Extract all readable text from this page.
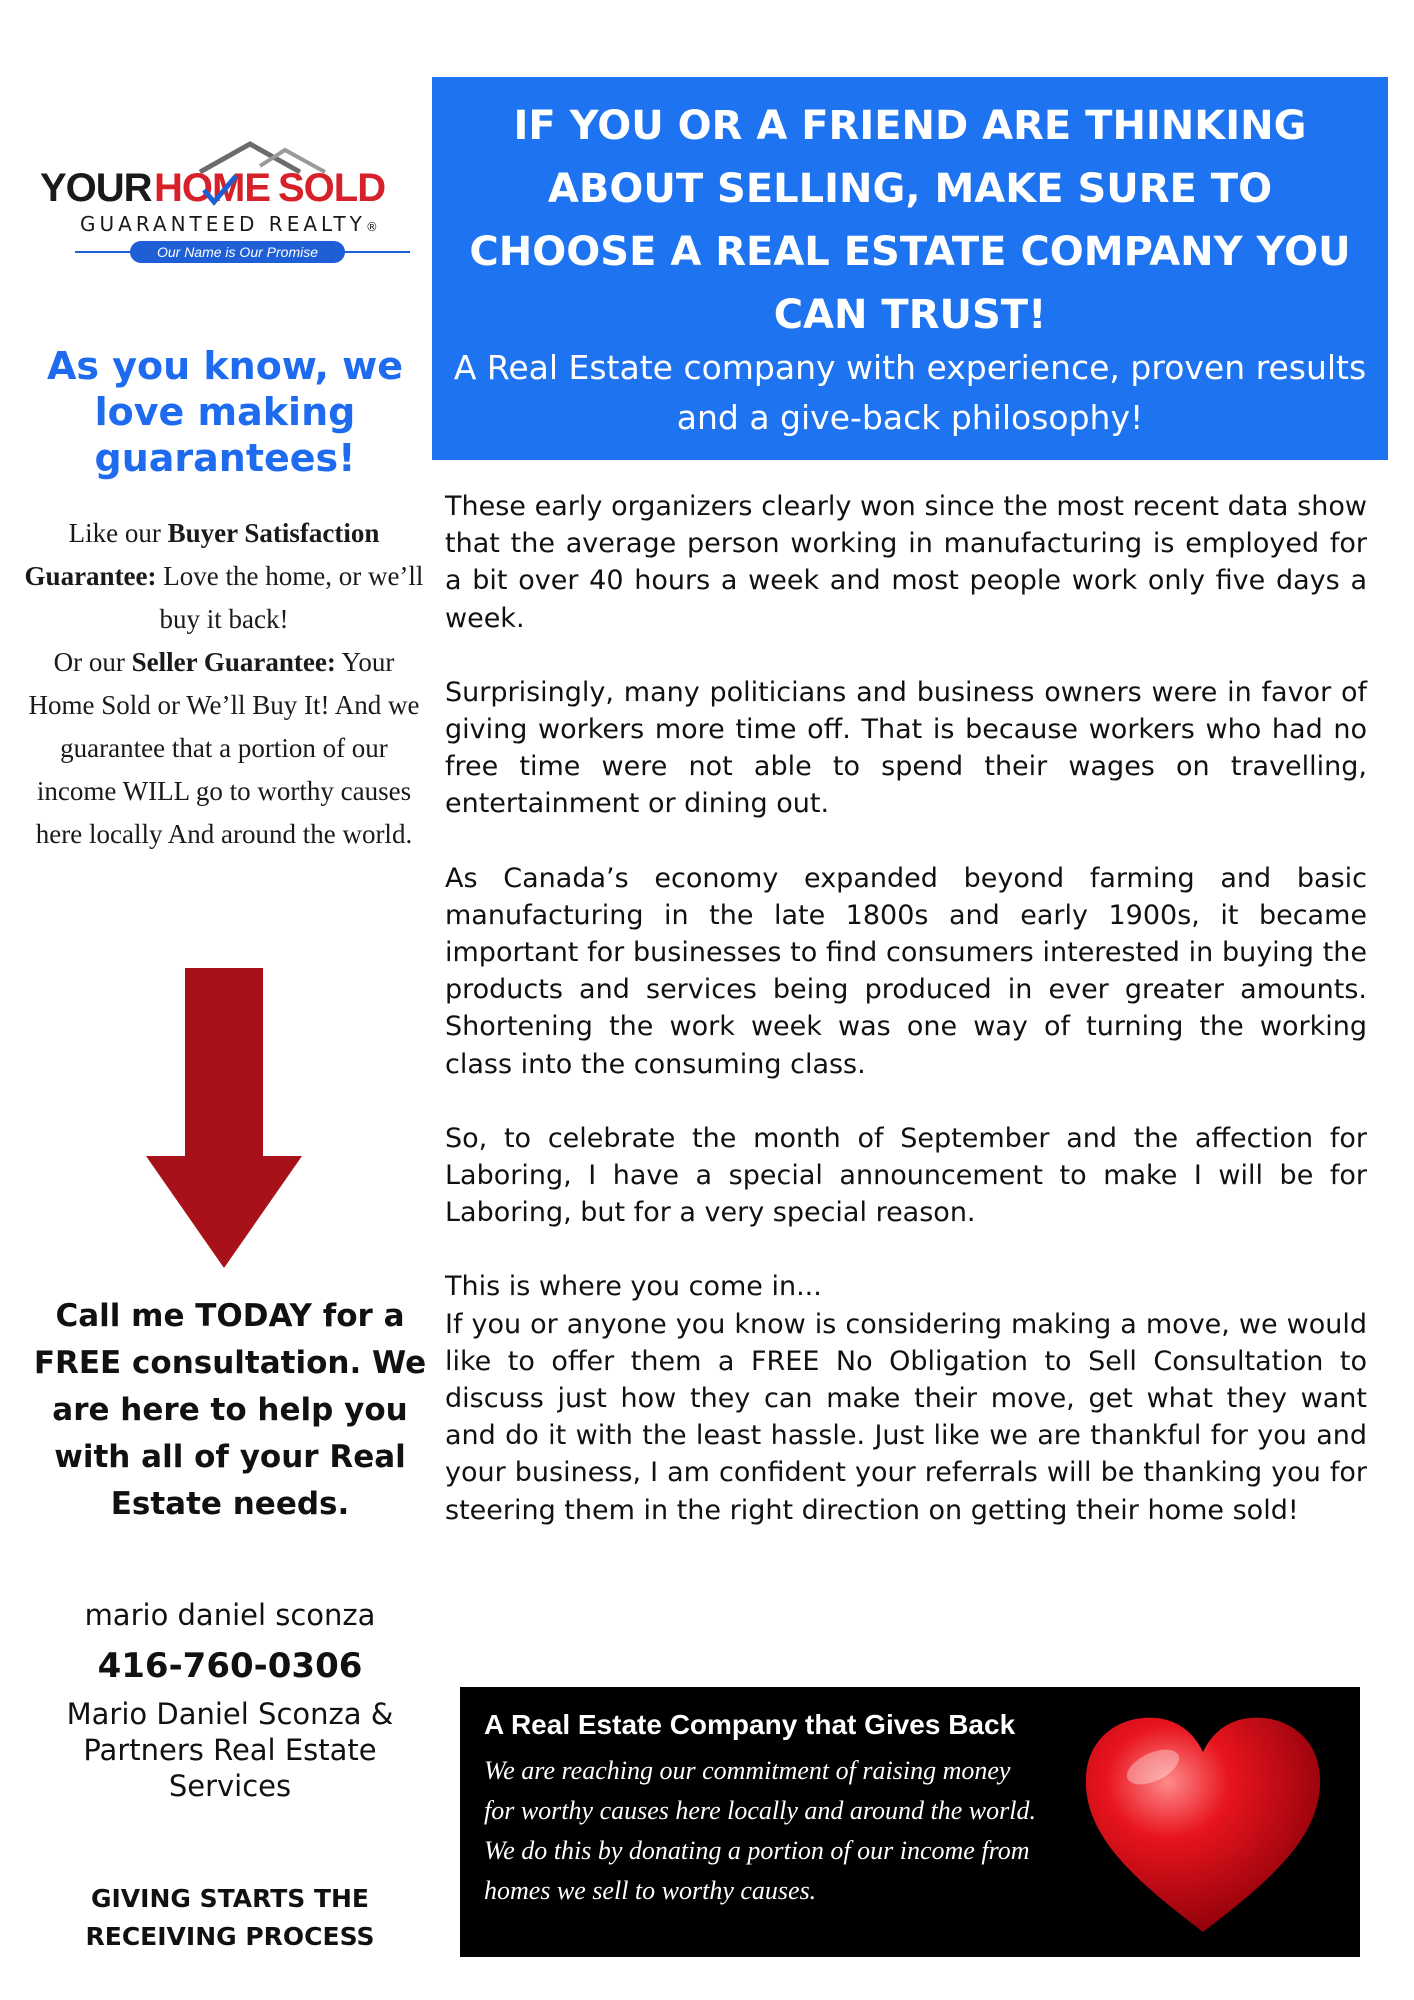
YOUR HOME SOLD
GUARANTEED REALTY®
Our Name is Our Promise
As you know, we love making guarantees!
Like our Buyer Satisfaction Guarantee: Love the home, or we’ll buy it back!
Or our Seller Guarantee: Your Home Sold or We’ll Buy It! And we guarantee that a portion of our income WILL go to worthy causes here locally And around the world.
Call me TODAY for a FREE consultation. We are here to help you with all of your Real Estate needs.
mario daniel sconza
416-760-0306
Mario Daniel Sconza & Partners Real Estate Services
GIVING STARTS THE RECEIVING PROCESS
IF YOU OR A FRIEND ARE THINKING ABOUT SELLING, MAKE SURE TO CHOOSE A REAL ESTATE COMPANY YOU CAN TRUST!
A Real Estate company with experience, proven results and a give-back philosophy!

These early organizers clearly won since the most recent data show that the average person working in manufacturing is employed for a bit over 40 hours a week and most people work only five days a week.

Surprisingly, many politicians and business owners were in favor of giving workers more time off. That is because workers who had no free time were not able to spend their wages on travelling, entertainment or dining out.

As Canada’s economy expanded beyond farming and basic manufacturing in the late 1800s and early 1900s, it became important for businesses to find consumers interested in buying the products and services being produced in ever greater amounts. Shortening the work week was one way of turning the working class into the consuming class.

So, to celebrate the month of September and the affection for Laboring, I have a special announcement to make I will be for Laboring, but for a very special reason.

This is where you come in...

If you or anyone you know is considering making a move, we would like to offer them a FREE No Obligation to Sell Consultation to discuss just how they can make their move, get what they want and do it with the least hassle. Just like we are thankful for you and your business, I am confident your referrals will be thanking you for steering them in the right direction on getting their home sold!

A Real Estate Company that Gives Back
We are reaching our commitment of raising money for worthy causes here locally and around the world. We do this by donating a portion of our income from homes we sell to worthy causes.
